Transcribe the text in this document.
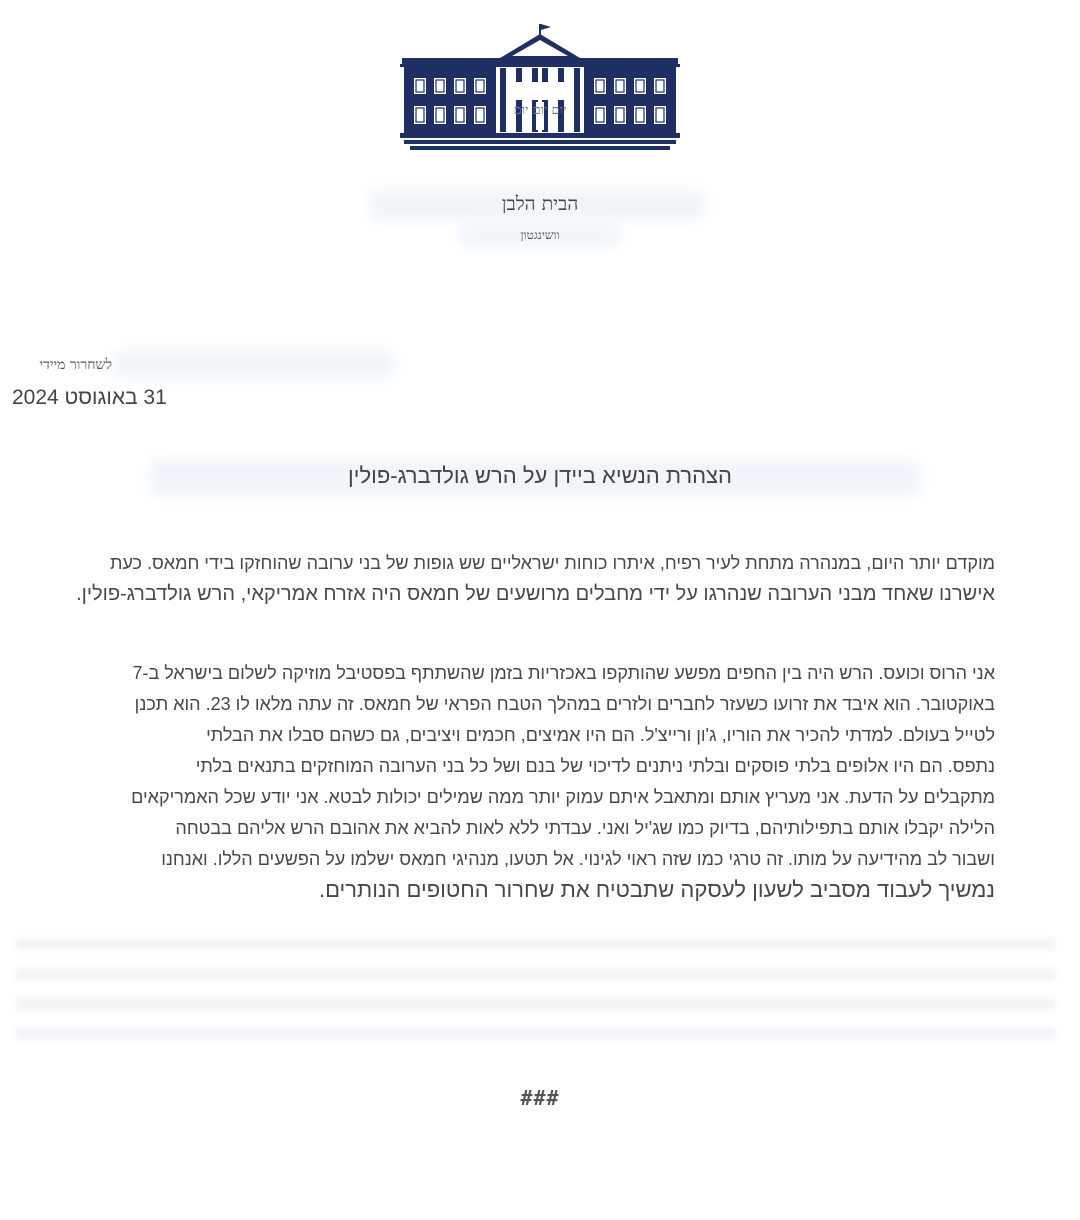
יום יום יום
הבית הלבן
וושינגטון
לשחרור מיידי
31 באוגוסט 2024
הצהרת הנשיא ביידן על הרש גולדברג-פולין
מוקדם יותר היום, במנהרה מתחת לעיר רפיח, איתרו כוחות ישראליים שש גופות של בני ערובה שהוחזקו בידי חמאס. כעת
אישרנו שאחד מבני הערובה שנהרגו על ידי מחבלים מרושעים של חמאס היה אזרח אמריקאי, הרש גולדברג-פולין.
אני הרוס וכועס. הרש היה בין החפים מפשע שהותקפו באכזריות בזמן שהשתתף בפסטיבל מוזיקה לשלום בישראל ב-7
באוקטובר. הוא איבד את זרועו כשעזר לחברים ולזרים במהלך הטבח הפראי של חמאס. זה עתה מלאו לו 23. הוא תכנן
לטייל בעולם. למדתי להכיר את הוריו, ג'ון ורייצ'ל. הם היו אמיצים, חכמים ויציבים, גם כשהם סבלו את הבלתי
נתפס. הם היו אלופים בלתי פוסקים ובלתי ניתנים לדיכוי של בנם ושל כל בני הערובה המוחזקים בתנאים בלתי
מתקבלים על הדעת. אני מעריץ אותם ומתאבל איתם עמוק יותר ממה שמילים יכולות לבטא. אני יודע שכל האמריקאים
הלילה יקבלו אותם בתפילותיהם, בדיוק כמו שג'יל ואני. עבדתי ללא לאות להביא את אהובם הרש אליהם בבטחה
ושבור לב מהידיעה על מותו. זה טרגי כמו שזה ראוי לגינוי. אל תטעו, מנהיגי חמאס ישלמו על הפשעים הללו. ואנחנו
נמשיך לעבוד מסביב לשעון לעסקה שתבטיח את שחרור החטופים הנותרים.
###
